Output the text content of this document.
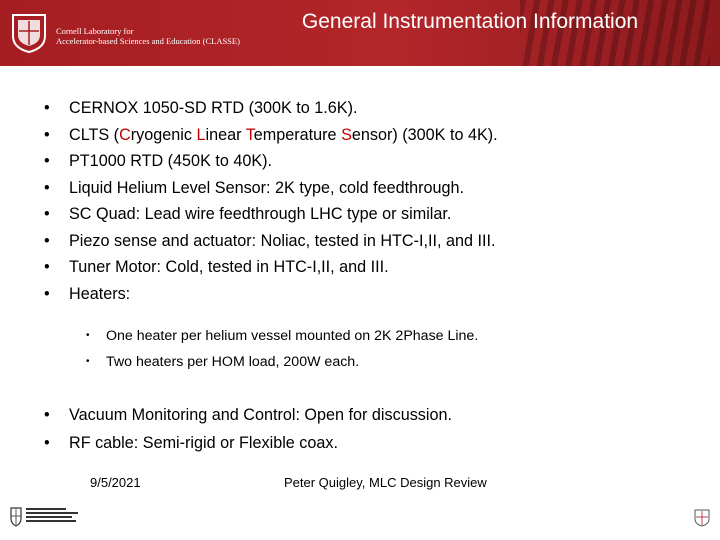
Cornell Laboratory for
Accelerator-based Sciences and Education (CLASSE)
General Instrumentation Information
• CERNOX 1050-SD RTD (300K to 1.6K).
• CLTS (Cryogenic Linear Temperature Sensor) (300K to 4K).
• PT1000 RTD (450K to 40K).
• Liquid Helium Level Sensor: 2K type, cold feedthrough.
• SC Quad: Lead wire feedthrough LHC type or similar.
• Piezo sense and actuator: Noliac, tested in HTC-I,II, and III.
• Tuner Motor: Cold, tested in HTC-I,II, and III.
• Heaters:
• One heater per helium vessel mounted on 2K 2Phase Line.
• Two heaters per HOM load, 200W each.
• Vacuum Monitoring and Control: Open for discussion.
• RF cable: Semi-rigid or Flexible coax.
9/5/2021	Peter Quigley, MLC Design Review
